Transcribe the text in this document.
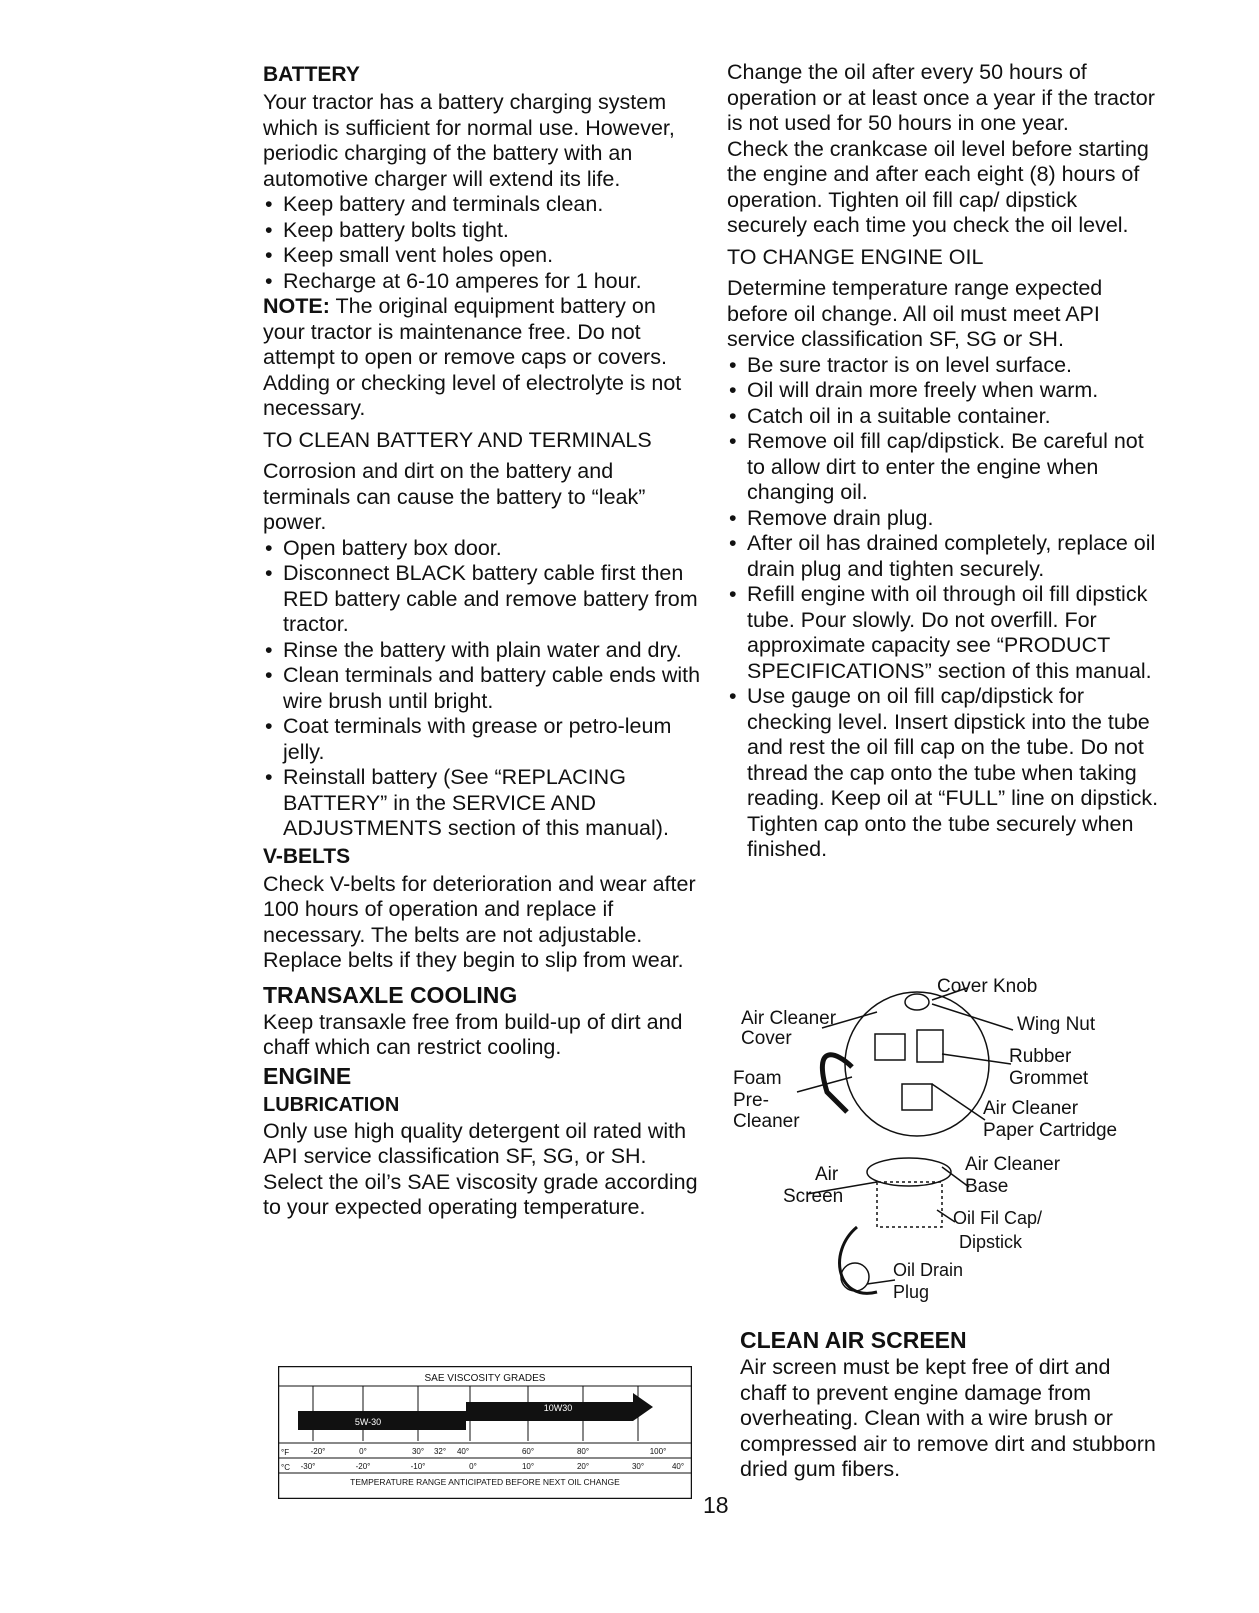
BATTERY

Your tractor has a battery charging system which is sufficient for normal use. However, periodic charging of the battery with an automotive charger will extend its life.

• Keep battery and terminals clean.
• Keep battery bolts tight.
• Keep small vent holes open.
• Recharge at 6-10 amperes for 1 hour.

NOTE: The original equipment battery on your tractor is maintenance free. Do not attempt to open or remove caps or covers. Adding or checking level of electrolyte is not necessary.

TO CLEAN BATTERY AND TERMINALS

Corrosion and dirt on the battery and terminals can cause the battery to “leak” power.

• Open battery box door.
• Disconnect BLACK battery cable first then RED battery cable and remove battery from tractor.
• Rinse the battery with plain water and dry.
• Clean terminals and battery cable ends with wire brush until bright.
• Coat terminals with grease or petro-leum jelly.
• Reinstall battery (See “REPLACING BATTERY” in the SERVICE AND ADJUSTMENTS section of this manual).
V-BELTS

Check V-belts for deterioration and wear after 100 hours of operation and replace if necessary. The belts are not adjustable. Replace belts if they begin to slip from wear.

TRANSAXLE COOLING

Keep transaxle free from build-up of dirt and chaff which can restrict cooling.

ENGINE
LUBRICATION

Only use high quality detergent oil rated with API service classification SF, SG, or SH. Select the oil’s SAE viscosity grade according to your expected operating temperature.

SAE VISCOSITY GRADES
5W-30
10W30
°F
°C
-20°	0°	30° 32° 40°	60°	80°	100°
-30°	-20°	-10°	0°	10°	20°	30°	40°
TEMPERATURE RANGE ANTICIPATED BEFORE NEXT OIL CHANGE

Change the oil after every 50 hours of operation or at least once a year if the tractor is not used for 50 hours in one year.

Check the crankcase oil level before starting the engine and after each eight (8) hours of operation. Tighten oil fill cap/ dipstick securely each time you check the oil level.

TO CHANGE ENGINE OIL

Determine temperature range expected before oil change. All oil must meet API service classification SF, SG or SH.

• Be sure tractor is on level surface.
• Oil will drain more freely when warm.
• Catch oil in a suitable container.
• Remove oil fill cap/dipstick. Be careful not to allow dirt to enter the engine when changing oil.
• Remove drain plug.
• After oil has drained completely, replace oil drain plug and tighten securely.
• Refill engine with oil through oil fill dipstick tube. Pour slowly. Do not overfill. For approximate capacity see “PRODUCT SPECIFICATIONS” section of this manual.
• Use gauge on oil fill cap/dipstick for checking level. Insert dipstick into the tube and rest the oil fill cap on the tube. Do not thread the cap onto the tube when taking reading. Keep oil at “FULL” line on dipstick. Tighten cap onto the tube securely when finished.
Cover Knob
Air Cleaner
Cover
Wing Nut
Rubber
Grommet
Foam
Pre-
Cleaner
Air Cleaner
Paper Cartridge
Air
Screen
Air Cleaner
Base
Oil Fil Cap/
Dipstick
Oil Drain
Plug
CLEAN AIR SCREEN

Air screen must be kept free of dirt and chaff to prevent engine damage from overheating. Clean with a wire brush or compressed air to remove dirt and stubborn dried gum fibers.

18
